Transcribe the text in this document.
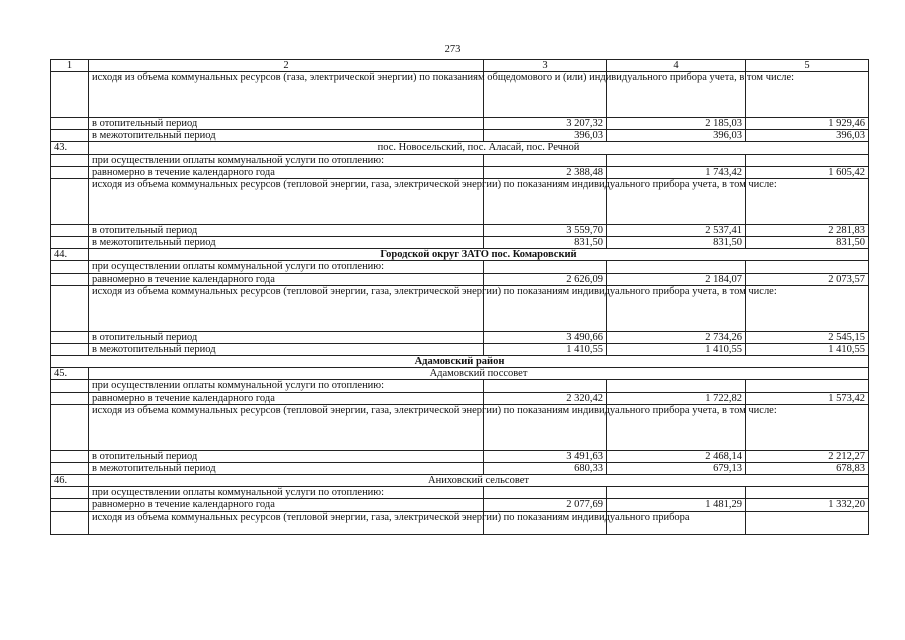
273
1	2	3	4	5
	исходя из объема коммунальных ресурсов (газа, электрической энергии) по показаниям общедомового и (или) индивидуального прибора учета, в том числе:			
	в отопительный период	3 207,32	2 185,03	1 929,46
	в межотопительный период	396,03	396,03	396,03
43.	пос. Новосельский, пос. Аласай, пос. Речной			
	при осуществлении оплаты коммунальной услуги по отоплению:			
	равномерно в течение календарного года	2 388,48	1 743,42	1 605,42
	исходя из объема коммунальных ресурсов (тепловой энергии, газа, электрической энергии) по показаниям индивидуального прибора учета, в том числе:			
	в отопительный период	3 559,70	2 537,41	2 281,83
	в межотопительный период	831,50	831,50	831,50
44.	Городской округ ЗАТО пос. Комаровский			
	при осуществлении оплаты коммунальной услуги по отоплению:			
	равномерно в течение календарного года	2 626,09	2 184,07	2 073,57
	исходя из объема коммунальных ресурсов (тепловой энергии, газа, электрической энергии) по показаниям индивидуального прибора учета, в том числе:			
	в отопительный период	3 490,66	2 734,26	2 545,15
	в межотопительный период	1 410,55	1 410,55	1 410,55
Адамовский район				
45.	Адамовский поссовет			
	при осуществлении оплаты коммунальной услуги по отоплению:			
	равномерно в течение календарного года	2 320,42	1 722,82	1 573,42
	исходя из объема коммунальных ресурсов (тепловой энергии, газа, электрической энергии) по показаниям индивидуального прибора учета, в том числе:			
	в отопительный период	3 491,63	2 468,14	2 212,27
	в межотопительный период	680,33	679,13	678,83
46.	Аниховский сельсовет			
	при осуществлении оплаты коммунальной услуги по отоплению:			
	равномерно в течение календарного года	2 077,69	1 481,29	1 332,20
	исходя из объема коммунальных ресурсов (тепловой энергии, газа, электрической энергии) по показаниям индивидуального прибора			
